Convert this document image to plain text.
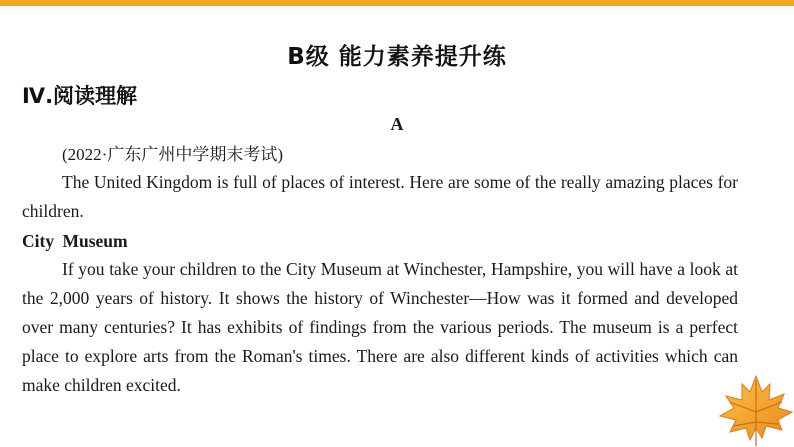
B级 能力素养提升练
Ⅳ.阅读理解
A
(2022·广东广州中学期末考试)

The United Kingdom is full of places of interest. Here are some of the really amazing places for children.

City Museum

If you take your children to the City Museum at Winchester, Hampshire, you will have a look at the 2,000 years of history. It shows the history of Winchester—How was it formed and developed over many centuries? It has exhibits of findings from the various periods. The museum is a perfect place to explore arts from the Roman's times. There are also different kinds of activities which can make children excited.
